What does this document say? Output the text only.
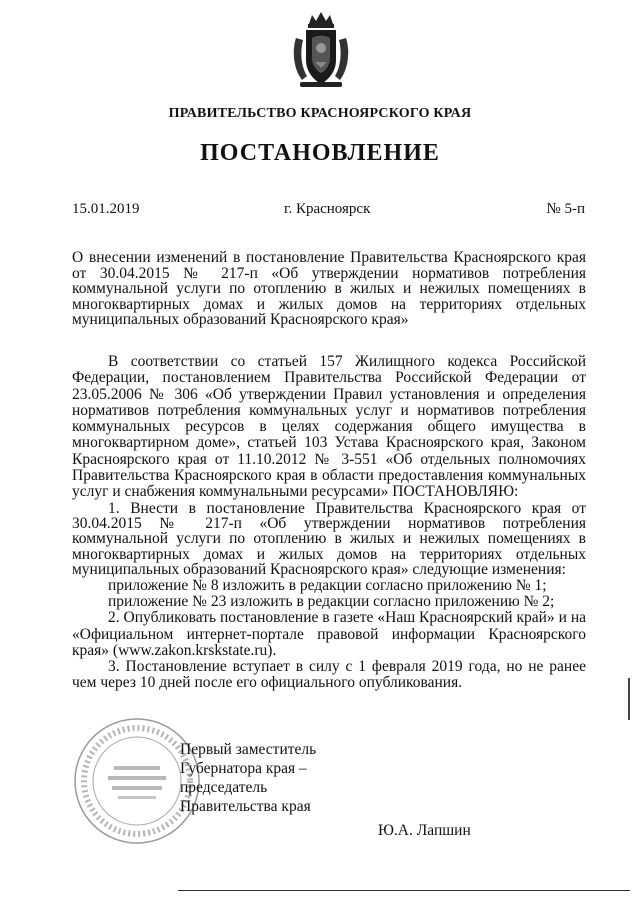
ПРАВИТЕЛЬСТВО КРАСНОЯРСКОГО КРАЯ
ПОСТАНОВЛЕНИЕ
15.01.2019	г. Красноярск	№ 5-п
О внесении изменений в постановление Правительства Красноярского края от 30.04.2015 № 217-п «Об утверждении нормативов потребления коммунальной услуги по отоплению в жилых и нежилых помещениях в многоквартирных домах и жилых домов на территориях отдельных муниципальных образований Красноярского края»

В соответствии со статьей 157 Жилищного кодекса Российской Федерации, постановлением Правительства Российской Федерации от 23.05.2006 № 306 «Об утверждении Правил установления и определения нормативов потребления коммунальных услуг и нормативов потребления коммунальных ресурсов в целях содержания общего имущества в многоквартирном доме», статьей 103 Устава Красноярского края, Законом Красноярского края от 11.10.2012 № 3-551 «Об отдельных полномочиях Правительства Красноярского края в области предоставления коммунальных услуг и снабжения коммунальными ресурсами» ПОСТАНОВЛЯЮ:

1. Внести в постановление Правительства Красноярского края от 30.04.2015 № 217-п «Об утверждении нормативов потребления коммунальной услуги по отоплению в жилых и нежилых помещениях в многоквартирных домах и жилых домов на территориях отдельных муниципальных образований Красноярского края» следующие изменения:

приложение № 8 изложить в редакции согласно приложению № 1;

приложение № 23 изложить в редакции согласно приложению № 2;

2. Опубликовать постановление в газете «Наш Красноярский край» и на «Официальном интернет-портале правовой информации Красноярского края» (www.zakon.krskstate.ru).

3. Постановление вступает в силу с 1 февраля 2019 года, но не ранее чем через 10 дней после его официального опубликования.

Первый заместитель
Губернатора края –
председатель
Правительства края
Ю.А. Лапшин
